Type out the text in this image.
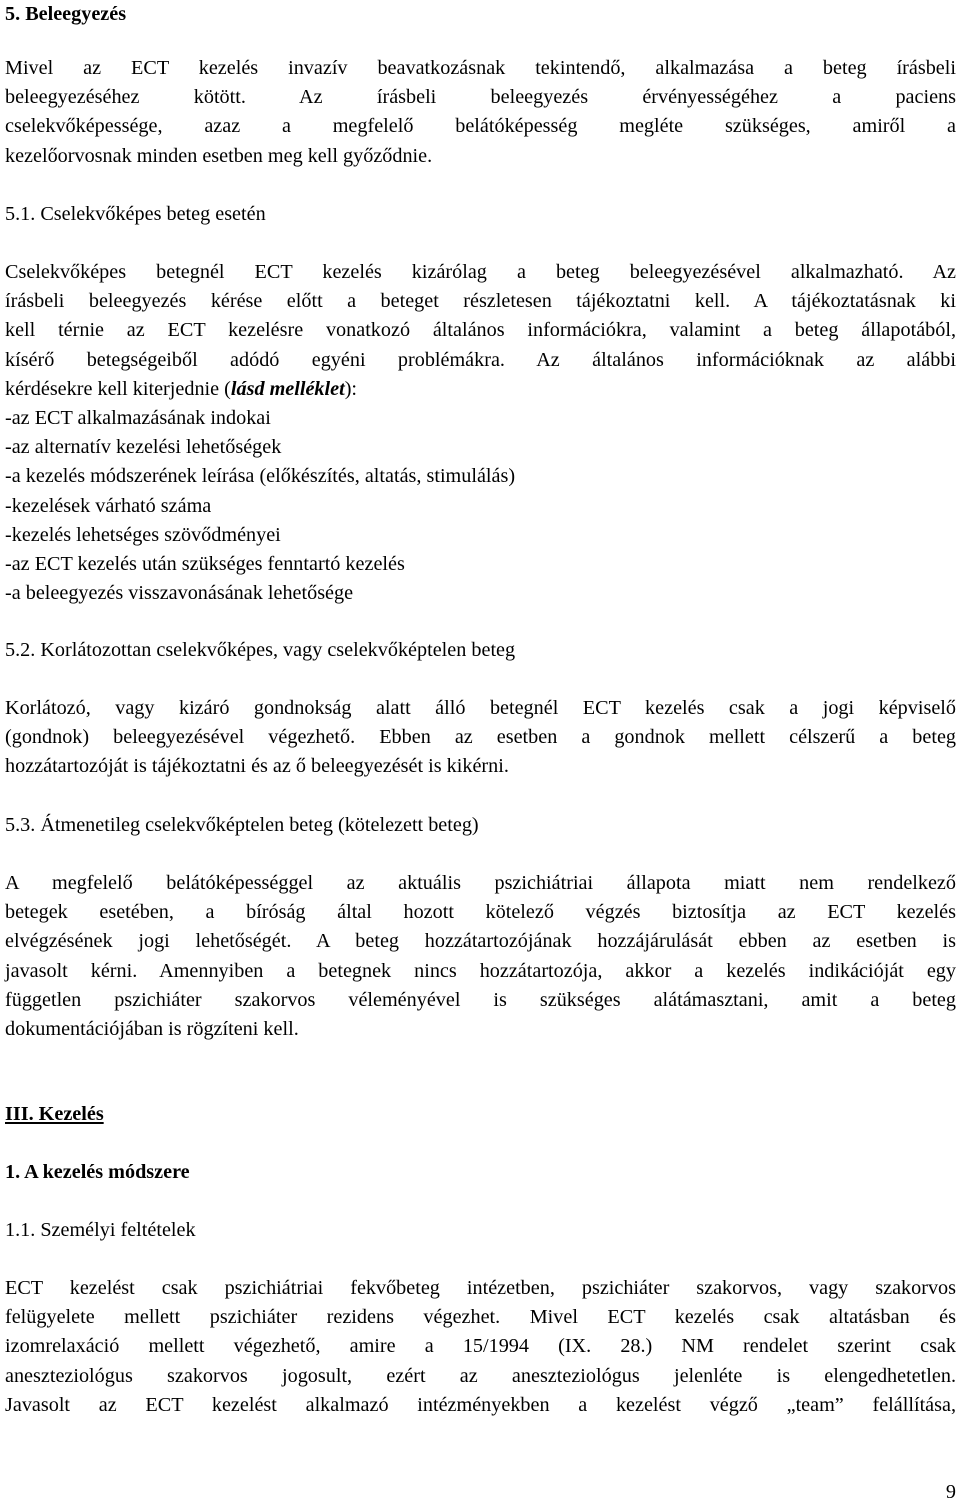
5. Beleegyezés

Mivel az ECT kezelés invazív beavatkozásnak tekintendő, alkalmazása a beteg írásbeli

beleegyezéséhez kötött. Az írásbeli beleegyezés érvényességéhez a paciens

cselekvőképessége, azaz a megfelelő belátóképesség megléte szükséges, amiről a

kezelőorvosnak minden esetben meg kell győződnie.

5.1. Cselekvőképes beteg esetén

Cselekvőképes betegnél ECT kezelés kizárólag a beteg beleegyezésével alkalmazható. Az

írásbeli beleegyezés kérése előtt a beteget részletesen tájékoztatni kell. A tájékoztatásnak ki

kell térnie az ECT kezelésre vonatkozó általános információkra, valamint a beteg állapotából,

kísérő betegségeiből adódó egyéni problémákra. Az általános információknak az alábbi

kérdésekre kell kiterjednie (lásd melléklet):

-az ECT alkalmazásának indokai

-az alternatív kezelési lehetőségek

-a kezelés módszerének leírása (előkészítés, altatás, stimulálás)

-kezelések várható száma

-kezelés lehetséges szövődményei

-az ECT kezelés után szükséges fenntartó kezelés

-a beleegyezés visszavonásának lehetősége

5.2. Korlátozottan cselekvőképes, vagy cselekvőképtelen beteg

Korlátozó, vagy kizáró gondnokság alatt álló betegnél ECT kezelés csak a jogi képviselő

(gondnok) beleegyezésével végezhető. Ebben az esetben a gondnok mellett célszerű a beteg

hozzátartozóját is tájékoztatni és az ő beleegyezését is kikérni.

5.3. Átmenetileg cselekvőképtelen beteg (kötelezett beteg)

A megfelelő belátóképességgel az aktuális pszichiátriai állapota miatt nem rendelkező

betegek esetében, a bíróság által hozott kötelező végzés biztosítja az ECT kezelés

elvégzésének jogi lehetőségét. A beteg hozzátartozójának hozzájárulását ebben az esetben is

javasolt kérni. Amennyiben a betegnek nincs hozzátartozója, akkor a kezelés indikációját egy

független pszichiáter szakorvos véleményével is szükséges alátámasztani, amit a beteg

dokumentációjában is rögzíteni kell.

III. Kezelés
1. A kezelés módszere
1.1. Személyi feltételek

ECT kezelést csak pszichiátriai fekvőbeteg intézetben, pszichiáter szakorvos, vagy szakorvos

felügyelete mellett pszichiáter rezidens végezhet. Mivel ECT kezelés csak altatásban és

izomrelaxáció mellett végezhető, amire a 15/1994 (IX. 28.) NM rendelet szerint csak

aneszteziológus szakorvos jogosult, ezért az aneszteziológus jelenléte is elengedhetetlen.

Javasolt az ECT kezelést alkalmazó intézményekben a kezelést végző „team” felállítása,

9
